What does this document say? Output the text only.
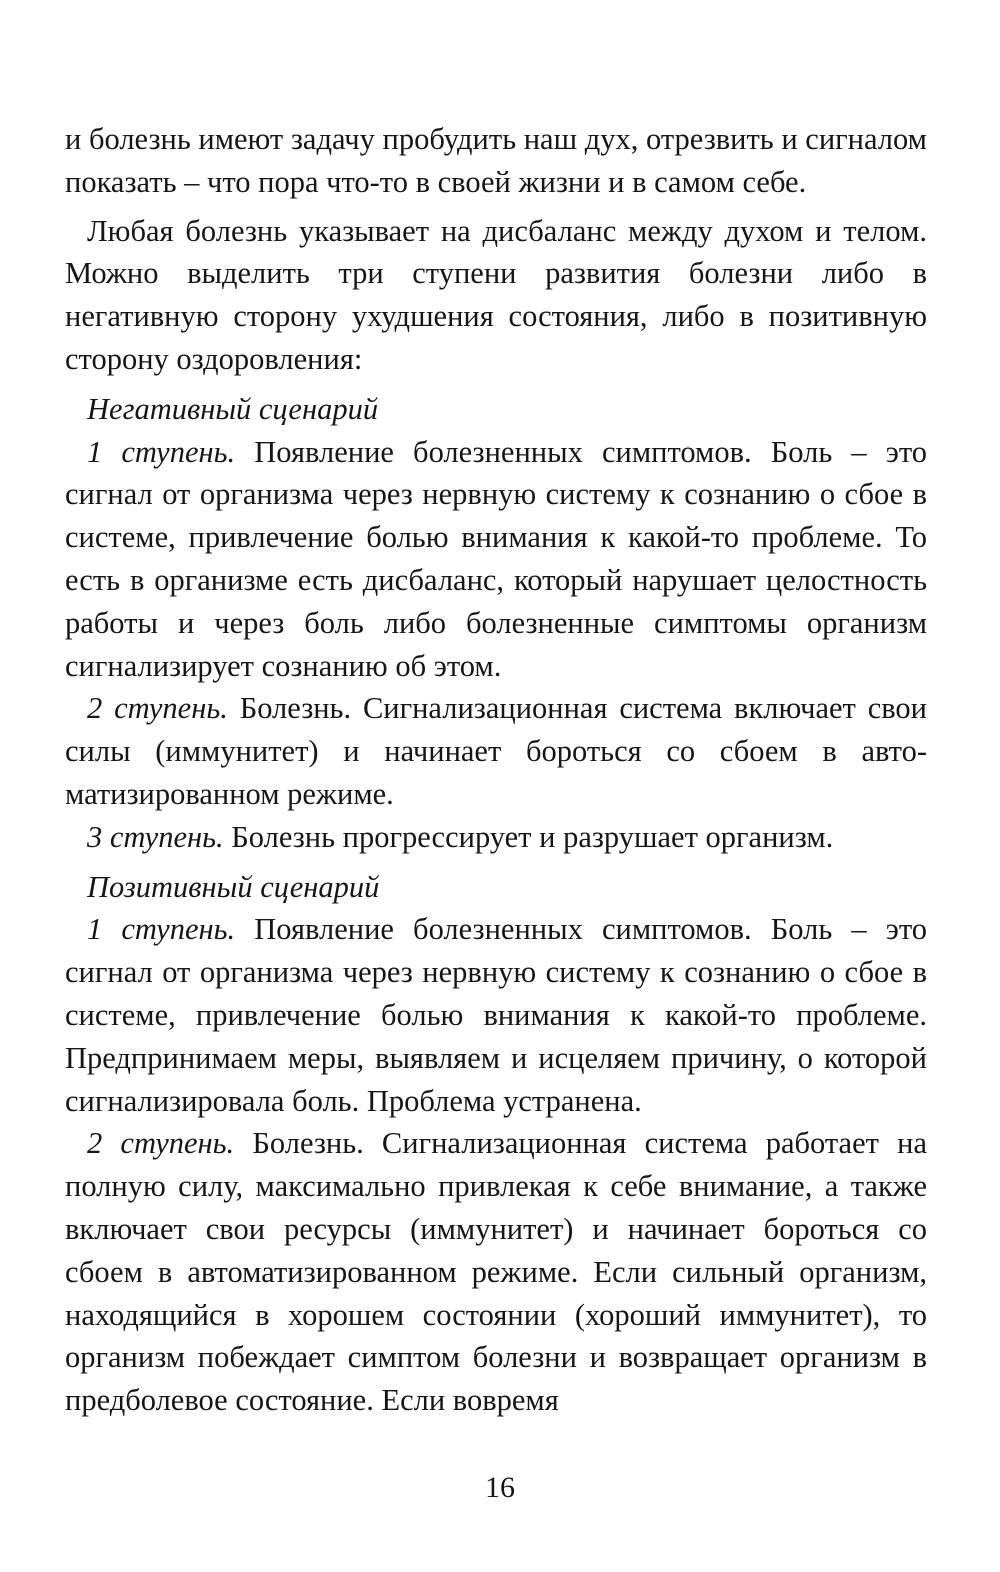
и болезнь имеют задачу пробудить наш дух, отрезвить и сигналом показать – что пора что-то в своей жизни и в самом себе.

Любая болезнь указывает на дисбаланс между духом и телом. Можно выделить три ступени развития болезни либо в негативную сторону ухудшения состояния, либо в позитивную сторону оздоровления:

Негативный сценарий

1 ступень. Появление болезненных симптомов. Боль – это сигнал от организма через нервную систему к сознанию о сбое в системе, привлечение болью внимания к какой-то проблеме. То есть в организме есть дисбаланс, который нарушает целостность работы и через боль либо болезненные симптомы организм сигнализирует сознанию об этом.

2 ступень. Болезнь. Сигнализационная система включает свои силы (иммунитет) и начинает бороться со сбоем в автоматизированном режиме.

3 ступень. Болезнь прогрессирует и разрушает организм.

Позитивный сценарий

1 ступень. Появление болезненных симптомов. Боль – это сигнал от организма через нервную систему к сознанию о сбое в системе, привлечение болью внимания к какой-то проблеме. Предпринимаем меры, выявляем и исцеляем причину, о которой сигнализировала боль. Проблема устранена.

2 ступень. Болезнь. Сигнализационная система работает на полную силу, максимально привлекая к себе внимание, а также включает свои ресурсы (иммунитет) и начинает бороться со сбоем в автоматизированном режиме. Если сильный организм, находящийся в хорошем состоянии (хороший иммунитет), то организм побеждает симптом болезни и возвращает организм в предболевое состояние. Если вовремя

16
